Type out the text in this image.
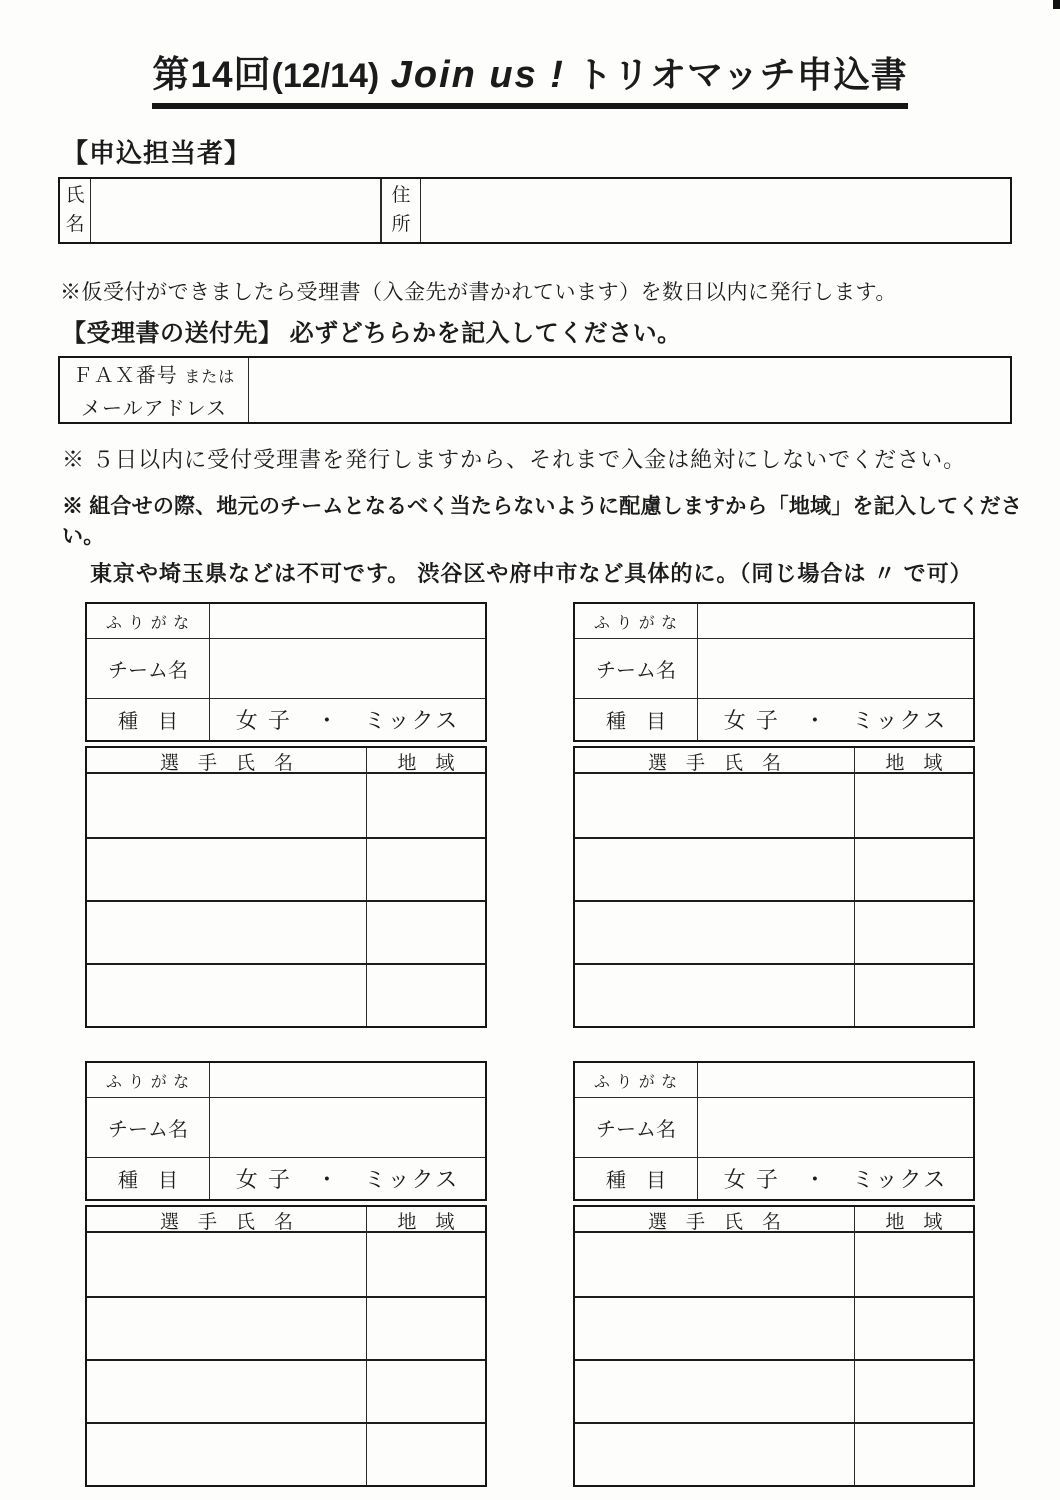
第14回(12/14) Join us ! トリオマッチ申込書
【申込担当者】
氏名
住所
※仮受付ができましたら受理書（入金先が書かれています）を数日以内に発行します。
【受理書の送付先】 必ずどちらかを記入してください。
ＦＡＸ番号 または
メールアドレス
※ ５日以内に受付受理書を発行しますから、それまで入金は絶対にしないでください。
※ 組合せの際、地元のチームとなるべく当たらないように配慮しますから「地域」を記入してください。
東京や埼玉県などは不可です。 渋谷区や府中市など具体的に。（同じ場合は 〃 で可）
ふ り が な
チーム名
種　目	女 子　・　ミックス
選　手　氏　名	地　域
ふ り が な
チーム名
種　目	女 子　・　ミックス
選　手　氏　名	地　域
ふ り が な
チーム名
種　目	女 子　・　ミックス
選　手　氏　名	地　域
ふ り が な
チーム名
種　目	女 子　・　ミックス
選　手　氏　名	地　域
